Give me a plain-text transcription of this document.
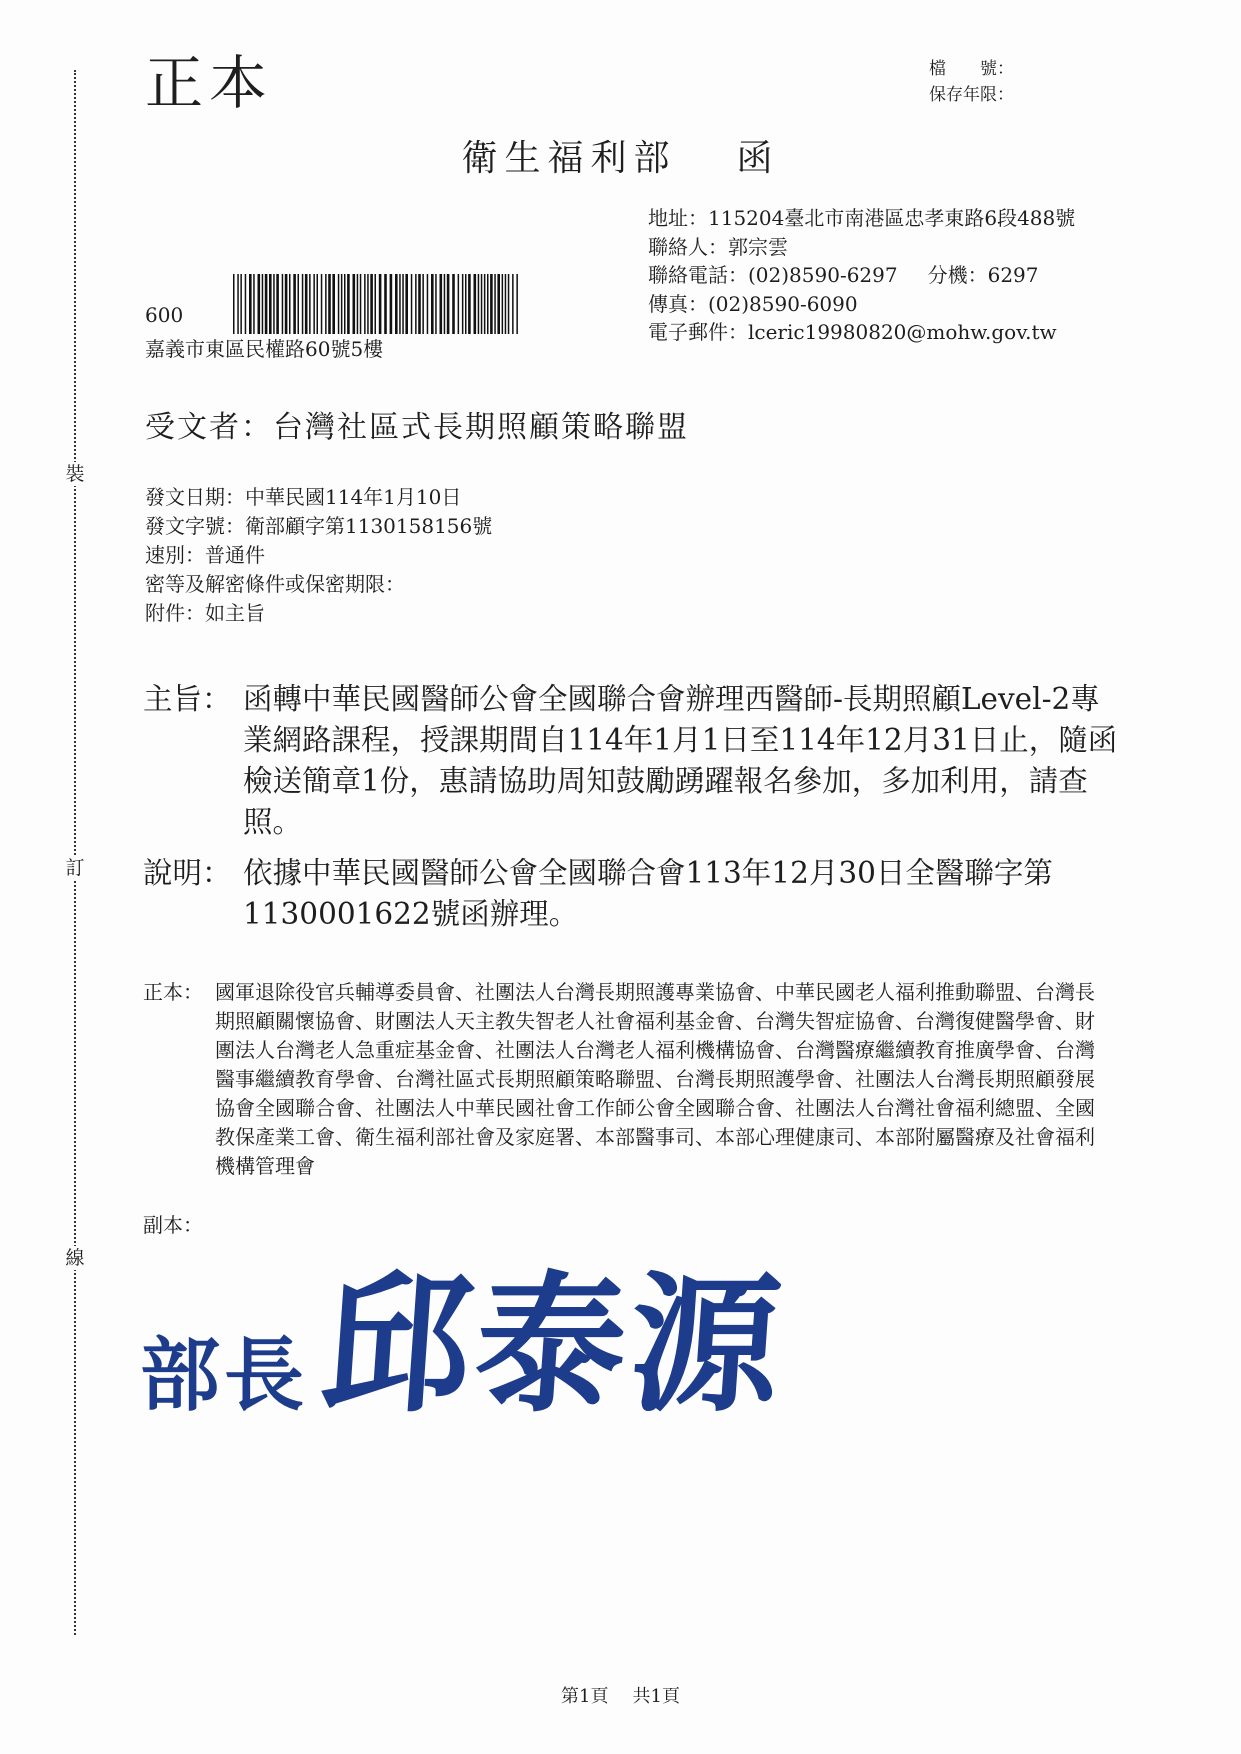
裝
訂
線
正本	檔　　號：
保存年限：
衛生福利部 函
地址：115204臺北市南港區忠孝東路6段488號
聯絡人：郭宗雲
聯絡電話：(02)8590-6297 分機：6297
傳真：(02)8590-6090
電子郵件：lceric19980820@mohw.gov.tw
600
嘉義市東區民權路60號5樓
受文者：台灣社區式長期照顧策略聯盟
發文日期：中華民國114年1月10日
發文字號：衛部顧字第1130158156號
速別：普通件
密等及解密條件或保密期限：
附件：如主旨
主旨： 函轉中華民國醫師公會全國聯合會辦理西醫師-長期照顧Level-2專業網路課程，授課期間自114年1月1日至114年12月31日止，隨函檢送簡章1份，惠請協助周知鼓勵踴躍報名參加，多加利用，請查照。
說明： 依據中華民國醫師公會全國聯合會113年12月30日全醫聯字第1130001622號函辦理。
正本： 國軍退除役官兵輔導委員會、社團法人台灣長期照護專業協會、中華民國老人福利推動聯盟、台灣長期照顧關懷協會、財團法人天主教失智老人社會福利基金會、台灣失智症協會、台灣復健醫學會、財團法人台灣老人急重症基金會、社團法人台灣老人福利機構協會、台灣醫療繼續教育推廣學會、台灣醫事繼續教育學會、台灣社區式長期照顧策略聯盟、台灣長期照護學會、社團法人台灣長期照顧發展協會全國聯合會、社團法人中華民國社會工作師公會全國聯合會、社團法人台灣社會福利總盟、全國教保產業工會、衛生福利部社會及家庭署、本部醫事司、本部心理健康司、本部附屬醫療及社會福利機構管理會
副本：
部長邱泰源
第1頁 共1頁
